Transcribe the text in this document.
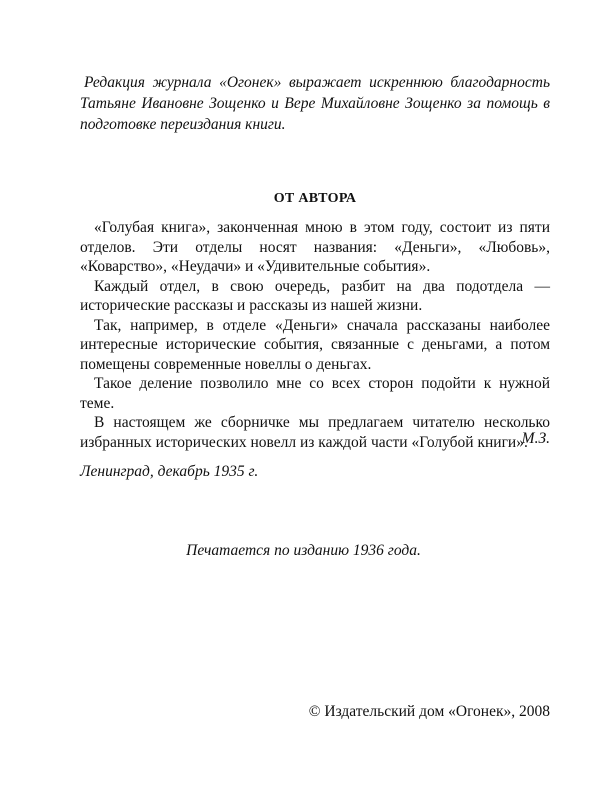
Редакция журнала «Огонек» выражает искреннюю благодарность Татьяне Ивановне Зощенко и Вере Михайловне Зощенко за помощь в подготовке переиздания книги.

ОТ АВТОРА

«Голубая книга», законченная мною в этом году, состоит из пяти отделов. Эти отделы носят названия: «Деньги», «Любовь», «Коварство», «Неудачи» и «Удивительные события».

Каждый отдел, в свою очередь, разбит на два подотдела — исторические рассказы и рассказы из нашей жизни.

Так, например, в отделе «Деньги» сначала рассказаны наиболее интересные исторические события, связанные с деньгами, а потом помещены современные новеллы о деньгах.

Такое деление позволило мне со всех сторон подойти к нужной теме.

В настоящем же сборничке мы предлагаем читателю несколько избранных исторических новелл из каждой части «Голубой книги».

М.З.
Ленинград, декабрь 1935 г.
Печатается по изданию 1936 года.
© Издательский дом «Огонек», 2008
